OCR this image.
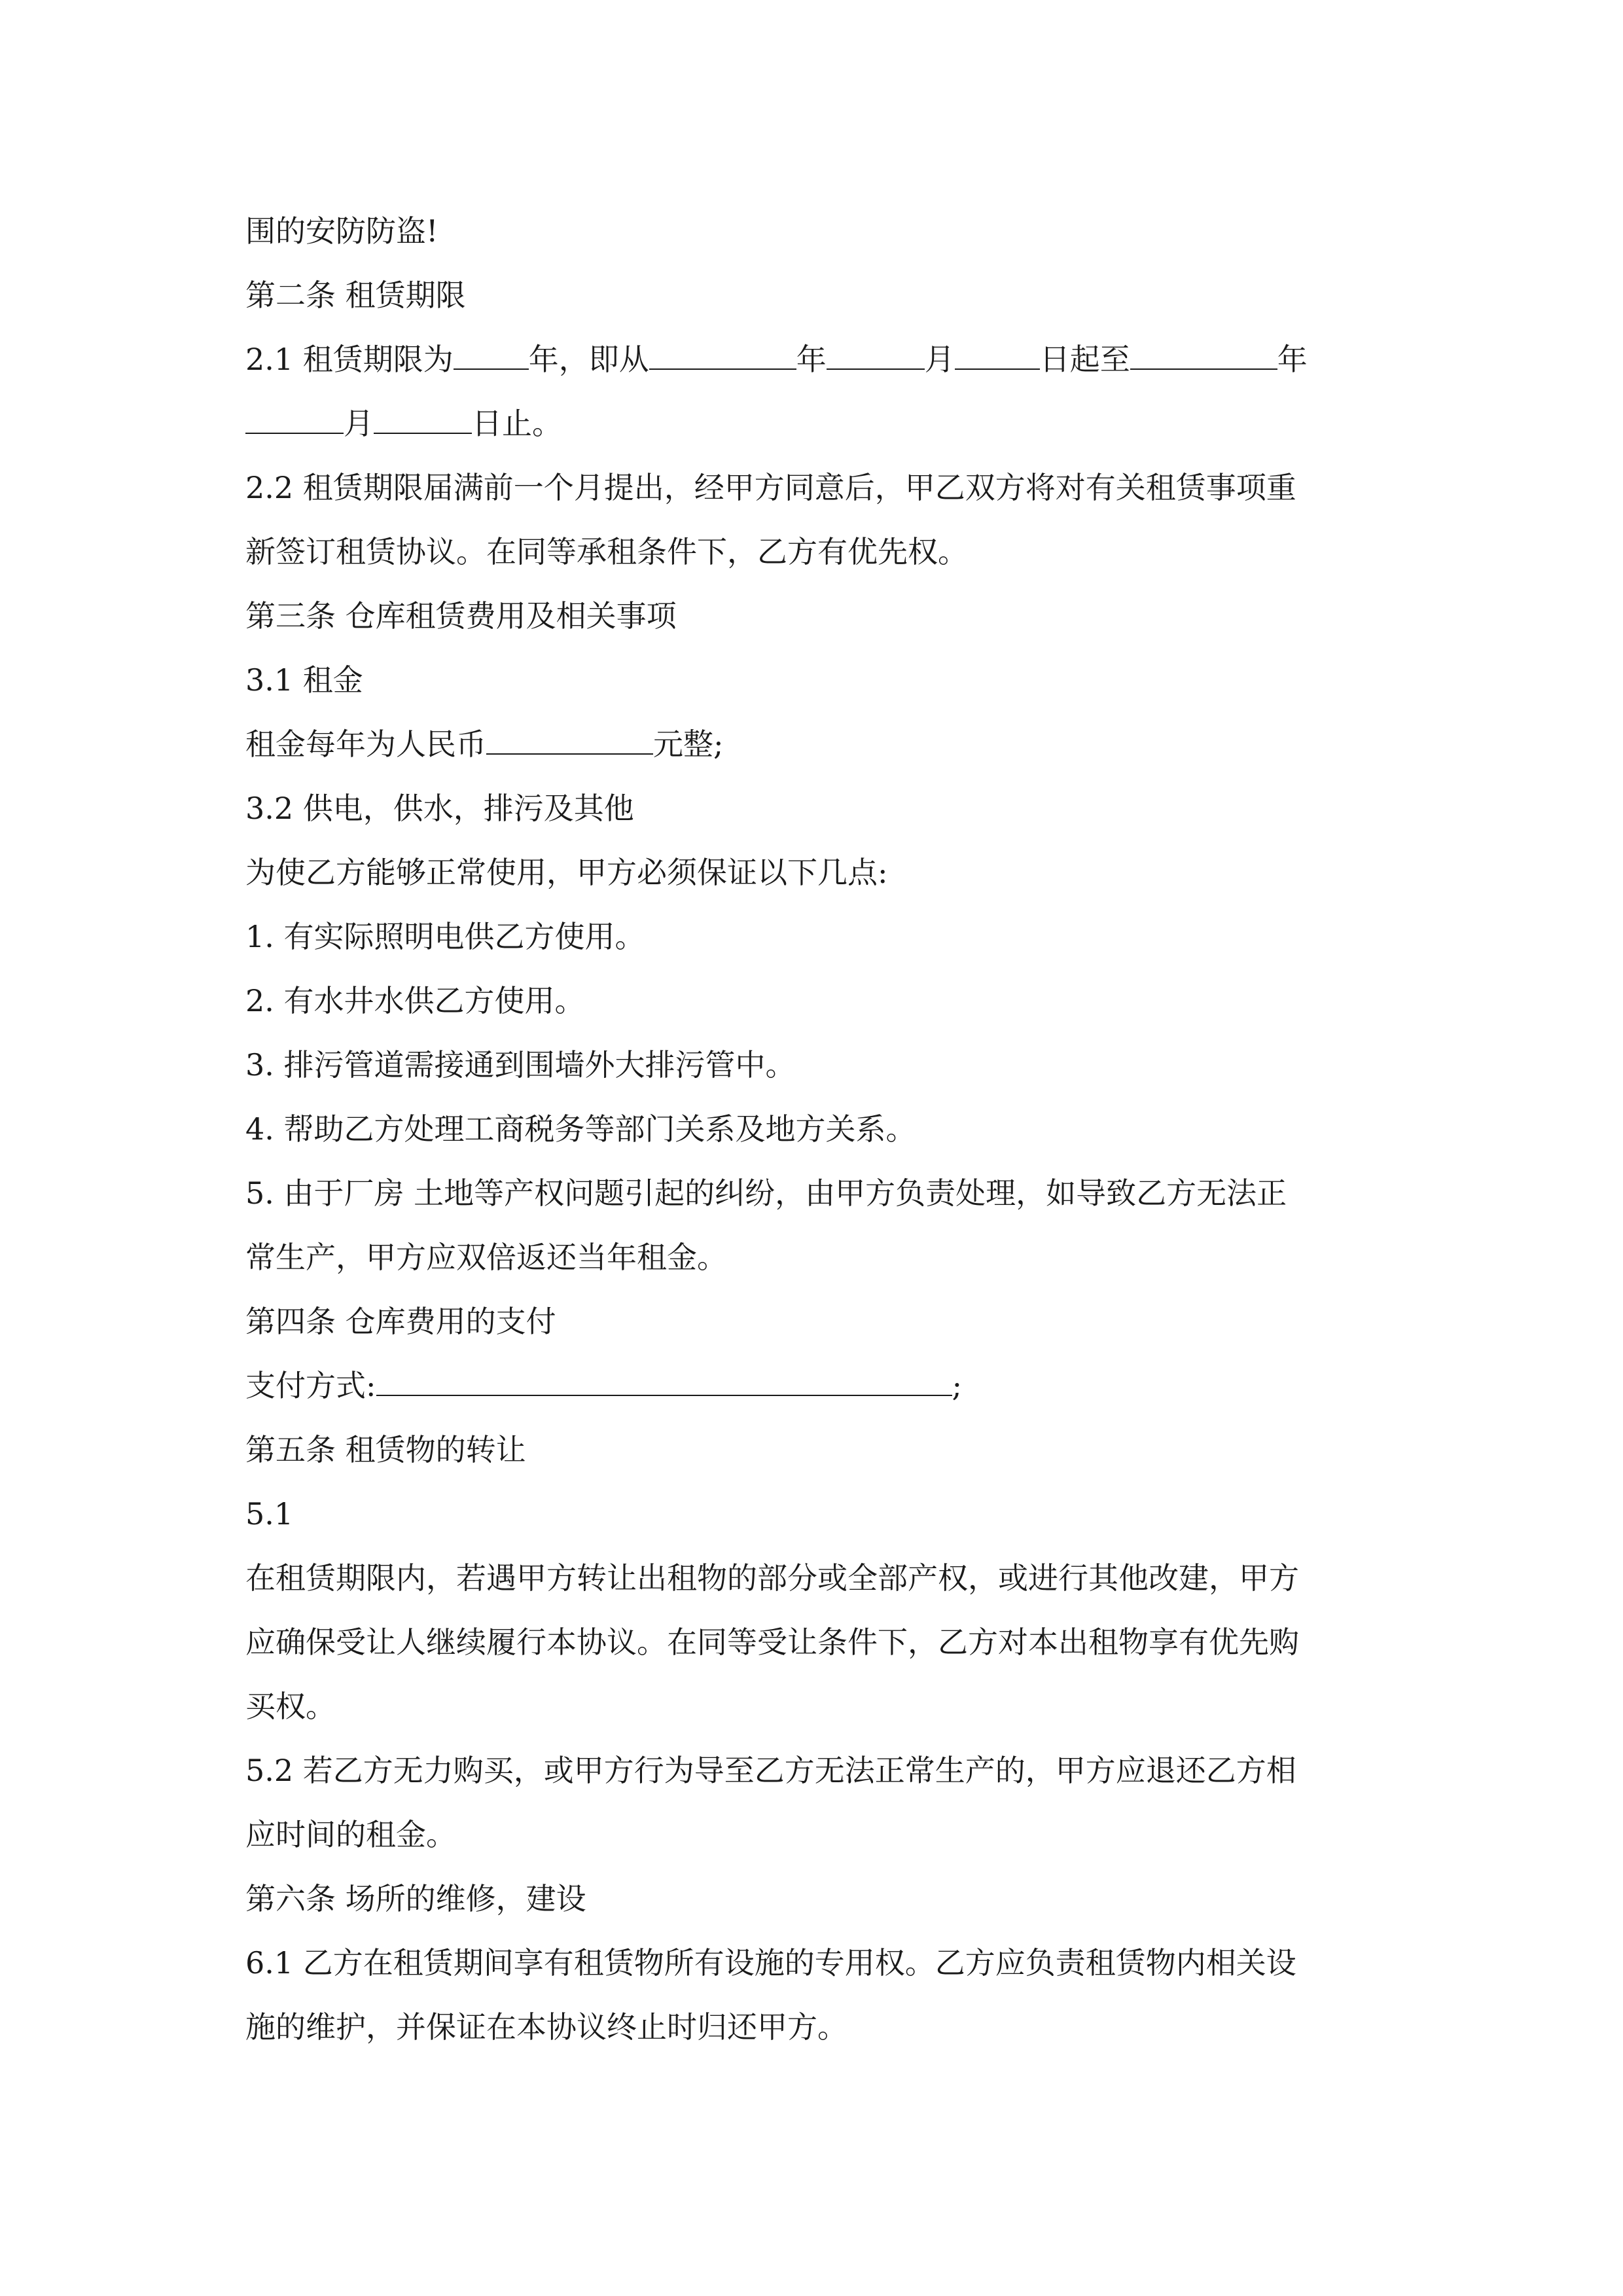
围的安防防盗!
第二条 租赁期限
2.1 租赁期限为	年，即从	年	月	日起至	年
月	日止。
2.2 租赁期限届满前一个月提出，经甲方同意后，甲乙双方将对有关租赁事项重
新签订租赁协议。在同等承租条件下，乙方有优先权。
第三条 仓库租赁费用及相关事项
3.1 租金
租金每年为人民币	元整;
3.2 供电，供水，排污及其他
为使乙方能够正常使用，甲方必须保证以下几点:
1. 有实际照明电供乙方使用。
2. 有水井水供乙方使用。
3. 排污管道需接通到围墙外大排污管中。
4. 帮助乙方处理工商税务等部门关系及地方关系。
5. 由于厂房 土地等产权问题引起的纠纷，由甲方负责处理，如导致乙方无法正
常生产，甲方应双倍返还当年租金。
第四条 仓库费用的支付
支付方式:	;
第五条 租赁物的转让
5.1
在租赁期限内，若遇甲方转让出租物的部分或全部产权，或进行其他改建，甲方
应确保受让人继续履行本协议。在同等受让条件下，乙方对本出租物享有优先购
买权。
5.2 若乙方无力购买，或甲方行为导至乙方无法正常生产的，甲方应退还乙方相
应时间的租金。
第六条 场所的维修，建设
6.1 乙方在租赁期间享有租赁物所有设施的专用权。乙方应负责租赁物内相关设
施的维护，并保证在本协议终止时归还甲方。
